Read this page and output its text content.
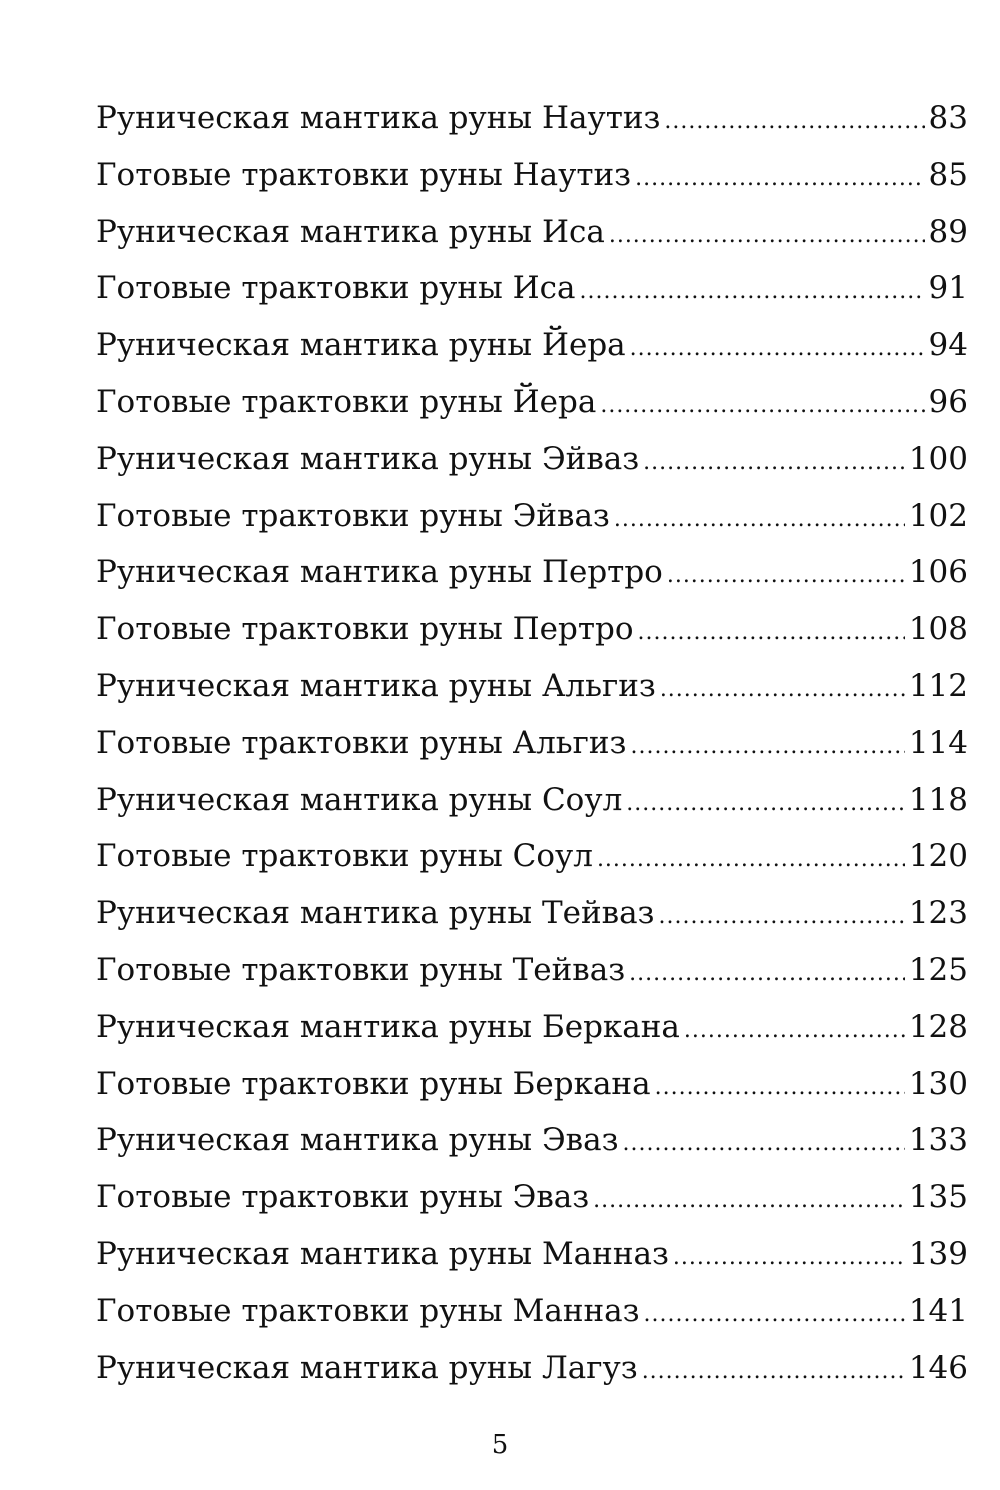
Руническая мантика руны Наутиз .....	83
Готовые трактовки руны Наутиз .....	85
Руническая мантика руны Иса .....	89
Готовые трактовки руны Иса .....	91
Руническая мантика руны Йера .....	94
Готовые трактовки руны Йера .....	96
Руническая мантика руны Эйваз .....	100
Готовые трактовки руны Эйваз .....	102
Руническая мантика руны Пертро .....	106
Готовые трактовки руны Пертро .....	108
Руническая мантика руны Альгиз .....	112
Готовые трактовки руны Альгиз .....	114
Руническая мантика руны Соул .....	118
Готовые трактовки руны Соул .....	120
Руническая мантика руны Тейваз .....	123
Готовые трактовки руны Тейваз .....	125
Руническая мантика руны Беркана .....	128
Готовые трактовки руны Беркана .....	130
Руническая мантика руны Эваз .....	133
Готовые трактовки руны Эваз .....	135
Руническая мантика руны Манназ .....	139
Готовые трактовки руны Манназ .....	141
Руническая мантика руны Лагуз .....	146
5
